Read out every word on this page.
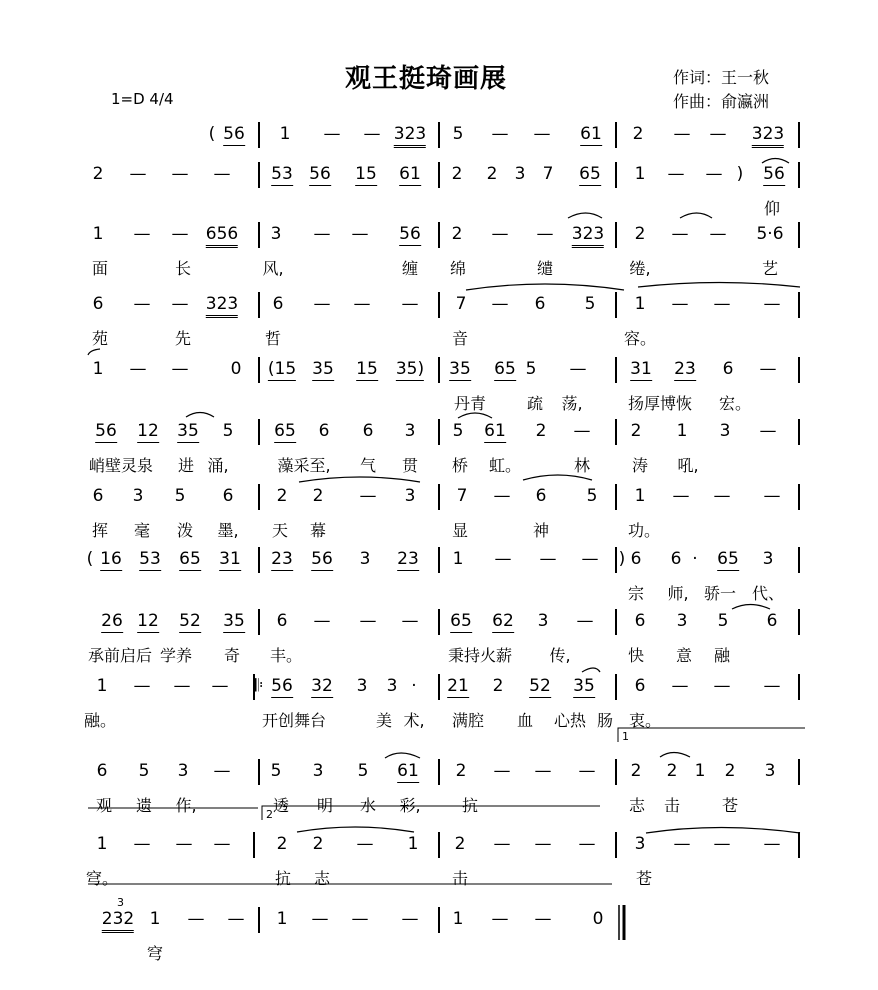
观王挺琦画展	作词：王一秋
作曲：俞瀛洲
1=D 4/4
( 56 1 — — 323 5 — — 61 2 — — 323
2 — — — 53 56 15 61 2 2 3 7 65 1 — — ) 56
仰
1 — — 656 3 — — 56 2 — — 323 2 — — 5·6
面	长	风,	缠 绵	缱	绻,	艺
6 — — 323 6 — — — 7 — 6 5 1 — — —
苑	先	哲	音	容。
1 — — 0 (15 35 15 35) 35 65 5 —	31 23 6 —
丹青	疏 荡,	扬厚博恢 宏。
56 12 35 5 65 6 6 3 5 61 2 — 2 1 3 —
峭壁灵泉 进 涌,	藻采至, 气 贯 桥 虹。	林	涛 吼,
6 3 5 6	2 2 — 3 7 — 6 5 1 — — —
挥 毫 泼 墨, 天 幕	显	神	功。
( 16 53 65 31 23 56 3 23 1 — — — ) 6 6 · 65 3
宗 师, 骄一 代、
26 12 52 35 6 — — — 65 62 3 — 6 3 5 6
承前启后 学养 奇 丰。	秉持火薪 传,	快 意 融
1 — — — 𝄆 56 32 3 3 · 21 2 52 35 6 — — —
融。	开创舞台	美 术, 满腔 血 心热 肠 衷。
6 5 3 — 5 3 5 61 2 — — — 2 2 1 2 3
观 遗 作,	透 明 水 彩,	抗	志 击	苍
1 — — —	2 2 — 1 2 — — — 3 — — —
穹。	抗 志	击	苍
232 1 — — 1 — — — 1 — — 0
穹
1
2
3
